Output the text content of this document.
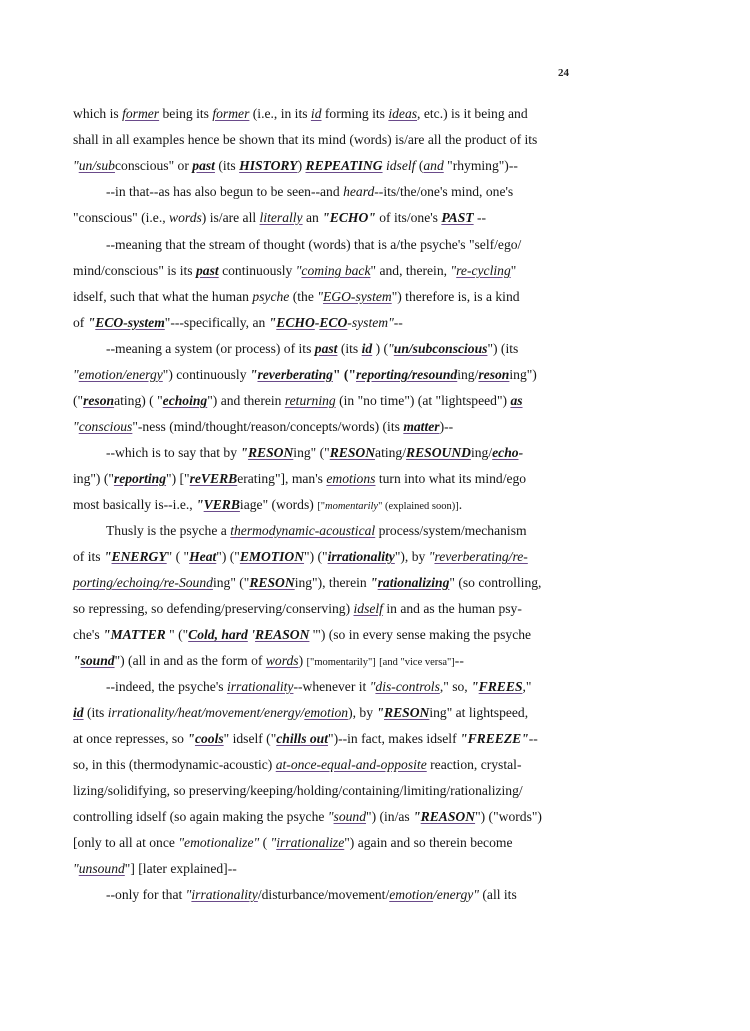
24
which is former being its former (i.e., in its id forming its ideas, etc.) is it being and
shall in all examples hence be shown that its mind (words) is/are all the product of its
"un/subconscious" or past (its HISTORY) REPEATING idself (and "rhyming")--
--in that--as has also begun to be seen--and heard--its/the/one's mind, one's
"conscious" (i.e., words) is/are all literally an "ECHO" of its/one's PAST --
--meaning that the stream of thought (words) that is a/the psyche's "self/ego/
mind/conscious" is its past continuously "coming back" and, therein, "re-cycling"
idself, such that what the human psyche (the "EGO-system") therefore is, is a kind
of "ECO-system"---specifically, an "ECHO-ECO-system"--
--meaning a system (or process) of its past (its id ) ("un/subconscious") (its
"emotion/energy") continuously "reverberating" ("reporting/resounding/resoning")
("resonating) ( "echoing") and therein returning (in "no time") (at "lightspeed") as
"conscious"-ness (mind/thought/reason/concepts/words) (its matter)--
--which is to say that by "RESONing" ("RESONating/RESOUNDing/echo-
ing") ("reporting") ["reVERBerating"], man's emotions turn into what its mind/ego
most basically is--i.e., "VERBiage" (words) ["momentarily" (explained soon)].
Thusly is the psyche a thermodynamic-acoustical process/system/mechanism
of its "ENERGY" ( "Heat") ("EMOTION") ("irrationality"), by "reverberating/re-
porting/echoing/re-Sounding" ("RESONing"), therein "rationalizing" (so controlling,
so repressing, so defending/preserving/conserving) idself in and as the human psy-
che's "MATTER " ("Cold, hard 'REASON '") (so in every sense making the psyche
"sound") (all in and as the form of words) ["momentarily"] [and "vice versa"]--
--indeed, the psyche's irrationality--whenever it "dis-controls," so, "FREES,"
id (its irrationality/heat/movement/energy/emotion), by "RESONing" at lightspeed,
at once represses, so "cools" idself ("chills out")--in fact, makes idself "FREEZE"--
so, in this (thermodynamic-acoustic) at-once-equal-and-opposite reaction, crystal-
lizing/solidifying, so preserving/keeping/holding/containing/limiting/rationalizing/
controlling idself (so again making the psyche "sound") (in/as "REASON") ("words")
[only to all at once "emotionalize" ( "irrationalize") again and so therein become
"unsound"] [later explained]--
--only for that "irrationality/disturbance/movement/emotion/energy" (all its
